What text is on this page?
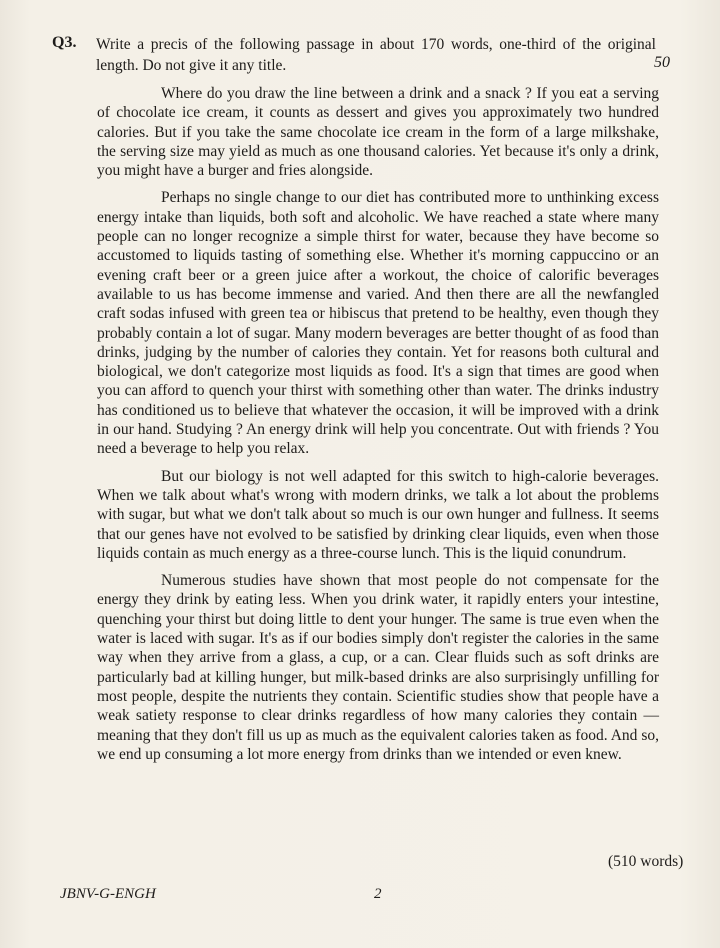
Q3. Write a precis of the following passage in about 170 words, one-third of the original length. Do not give it any title.	50

Where do you draw the line between a drink and a snack ? If you eat a serving of chocolate ice cream, it counts as dessert and gives you approximately two hundred calories. But if you take the same chocolate ice cream in the form of a large milkshake, the serving size may yield as much as one thousand calories. Yet because it's only a drink, you might have a burger and fries alongside.

Perhaps no single change to our diet has contributed more to unthinking excess energy intake than liquids, both soft and alcoholic. We have reached a state where many people can no longer recognize a simple thirst for water, because they have become so accustomed to liquids tasting of something else. Whether it's morning cappuccino or an evening craft beer or a green juice after a workout, the choice of calorific beverages available to us has become immense and varied. And then there are all the newfangled craft sodas infused with green tea or hibiscus that pretend to be healthy, even though they probably contain a lot of sugar. Many modern beverages are better thought of as food than drinks, judging by the number of calories they contain. Yet for reasons both cultural and biological, we don't categorize most liquids as food. It's a sign that times are good when you can afford to quench your thirst with something other than water. The drinks industry has conditioned us to believe that whatever the occasion, it will be improved with a drink in our hand. Studying ? An energy drink will help you concentrate. Out with friends ? You need a beverage to help you relax.

But our biology is not well adapted for this switch to high-calorie beverages. When we talk about what's wrong with modern drinks, we talk a lot about the problems with sugar, but what we don't talk about so much is our own hunger and fullness. It seems that our genes have not evolved to be satisfied by drinking clear liquids, even when those liquids contain as much energy as a three-course lunch. This is the liquid conundrum.

Numerous studies have shown that most people do not compensate for the energy they drink by eating less. When you drink water, it rapidly enters your intestine, quenching your thirst but doing little to dent your hunger. The same is true even when the water is laced with sugar. It's as if our bodies simply don't register the calories in the same way when they arrive from a glass, a cup, or a can. Clear fluids such as soft drinks are particularly bad at killing hunger, but milk-based drinks are also surprisingly unfilling for most people, despite the nutrients they contain. Scientific studies show that people have a weak satiety response to clear drinks regardless of how many calories they contain — meaning that they don't fill us up as much as the equivalent calories taken as food. And so, we end up consuming a lot more energy from drinks than we intended or even knew.

(510 words)
JBNV-G-ENGH	2
